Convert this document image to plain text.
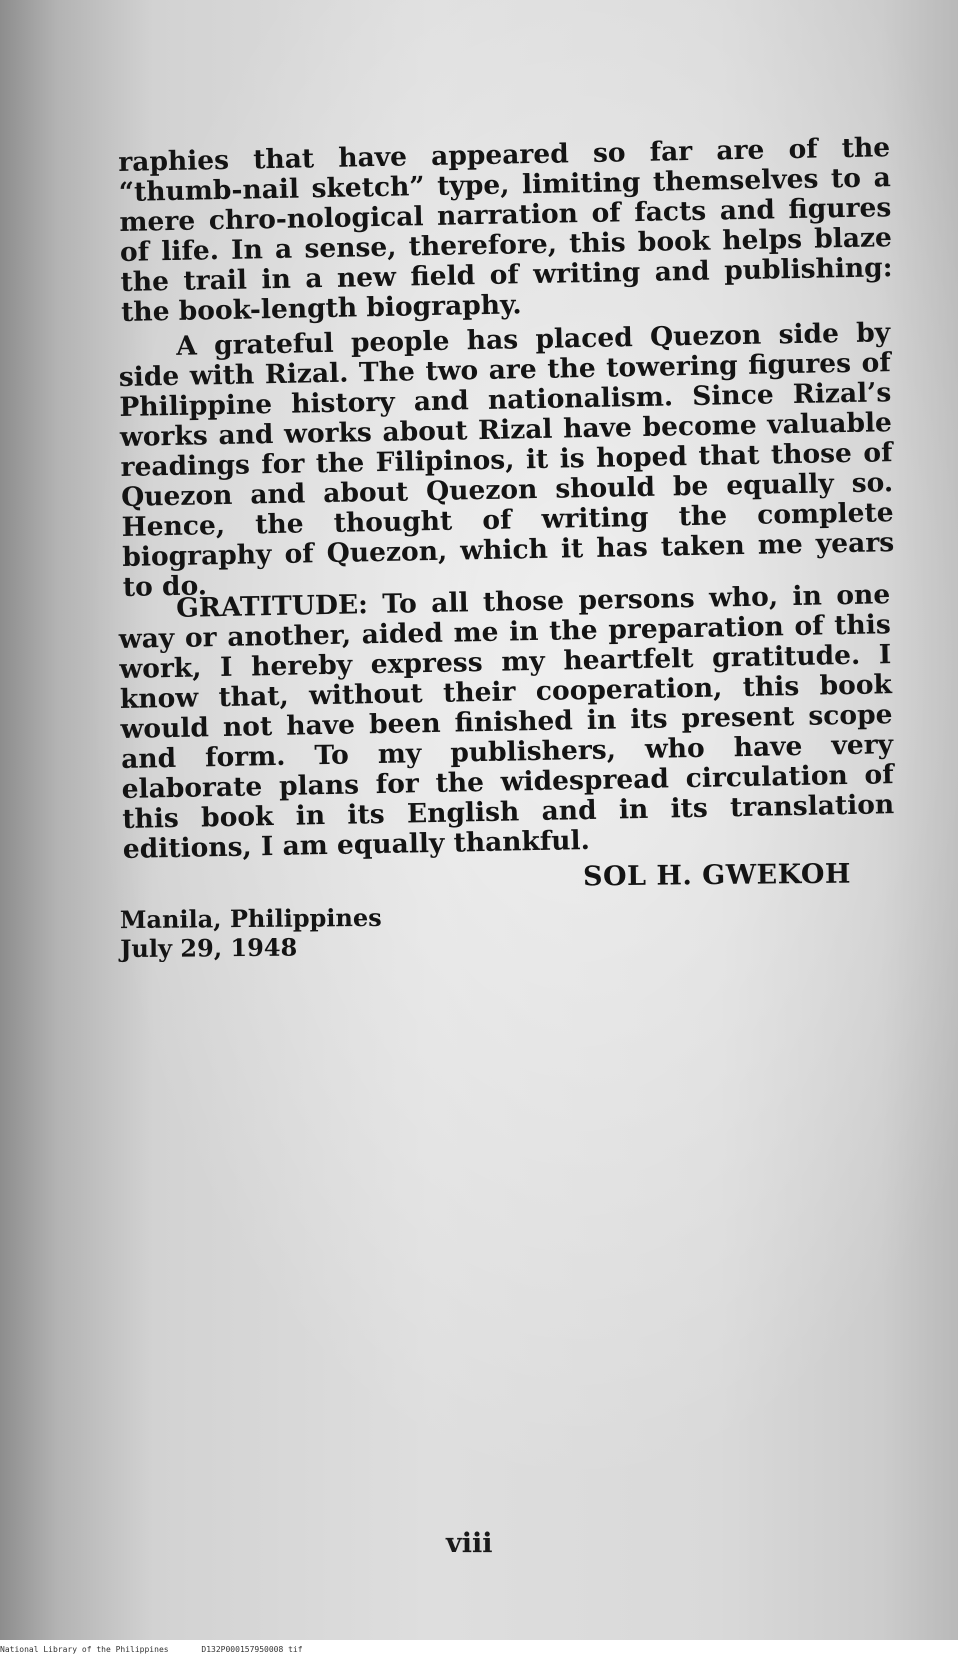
raphies that have appeared so far are of the “thumb-nail sketch” type, limiting themselves to a mere chro-nological narration of facts and figures of life. In a sense, therefore, this book helps blaze the trail in a new field of writing and publishing: the book-length biography.

A grateful people has placed Quezon side by side with Rizal. The two are the towering figures of Philippine history and nationalism. Since Rizal’s works and works about Rizal have become valuable readings for the Filipinos, it is hoped that those of Quezon and about Quezon should be equally so. Hence, the thought of writing the complete biography of Quezon, which it has taken me years to do.

GRATITUDE: To all those persons who, in one way or another, aided me in the preparation of this work, I hereby express my heartfelt gratitude. I know that, without their cooperation, this book would not have been finished in its present scope and form. To my publishers, who have very elaborate plans for the widespread circulation of this book in its English and in its translation editions, I am equally thankful.

SOL H. GWEKOH
Manila, Philippines
July 29, 1948
viii
National Library of the Philippines	D132P000157950008 tif
